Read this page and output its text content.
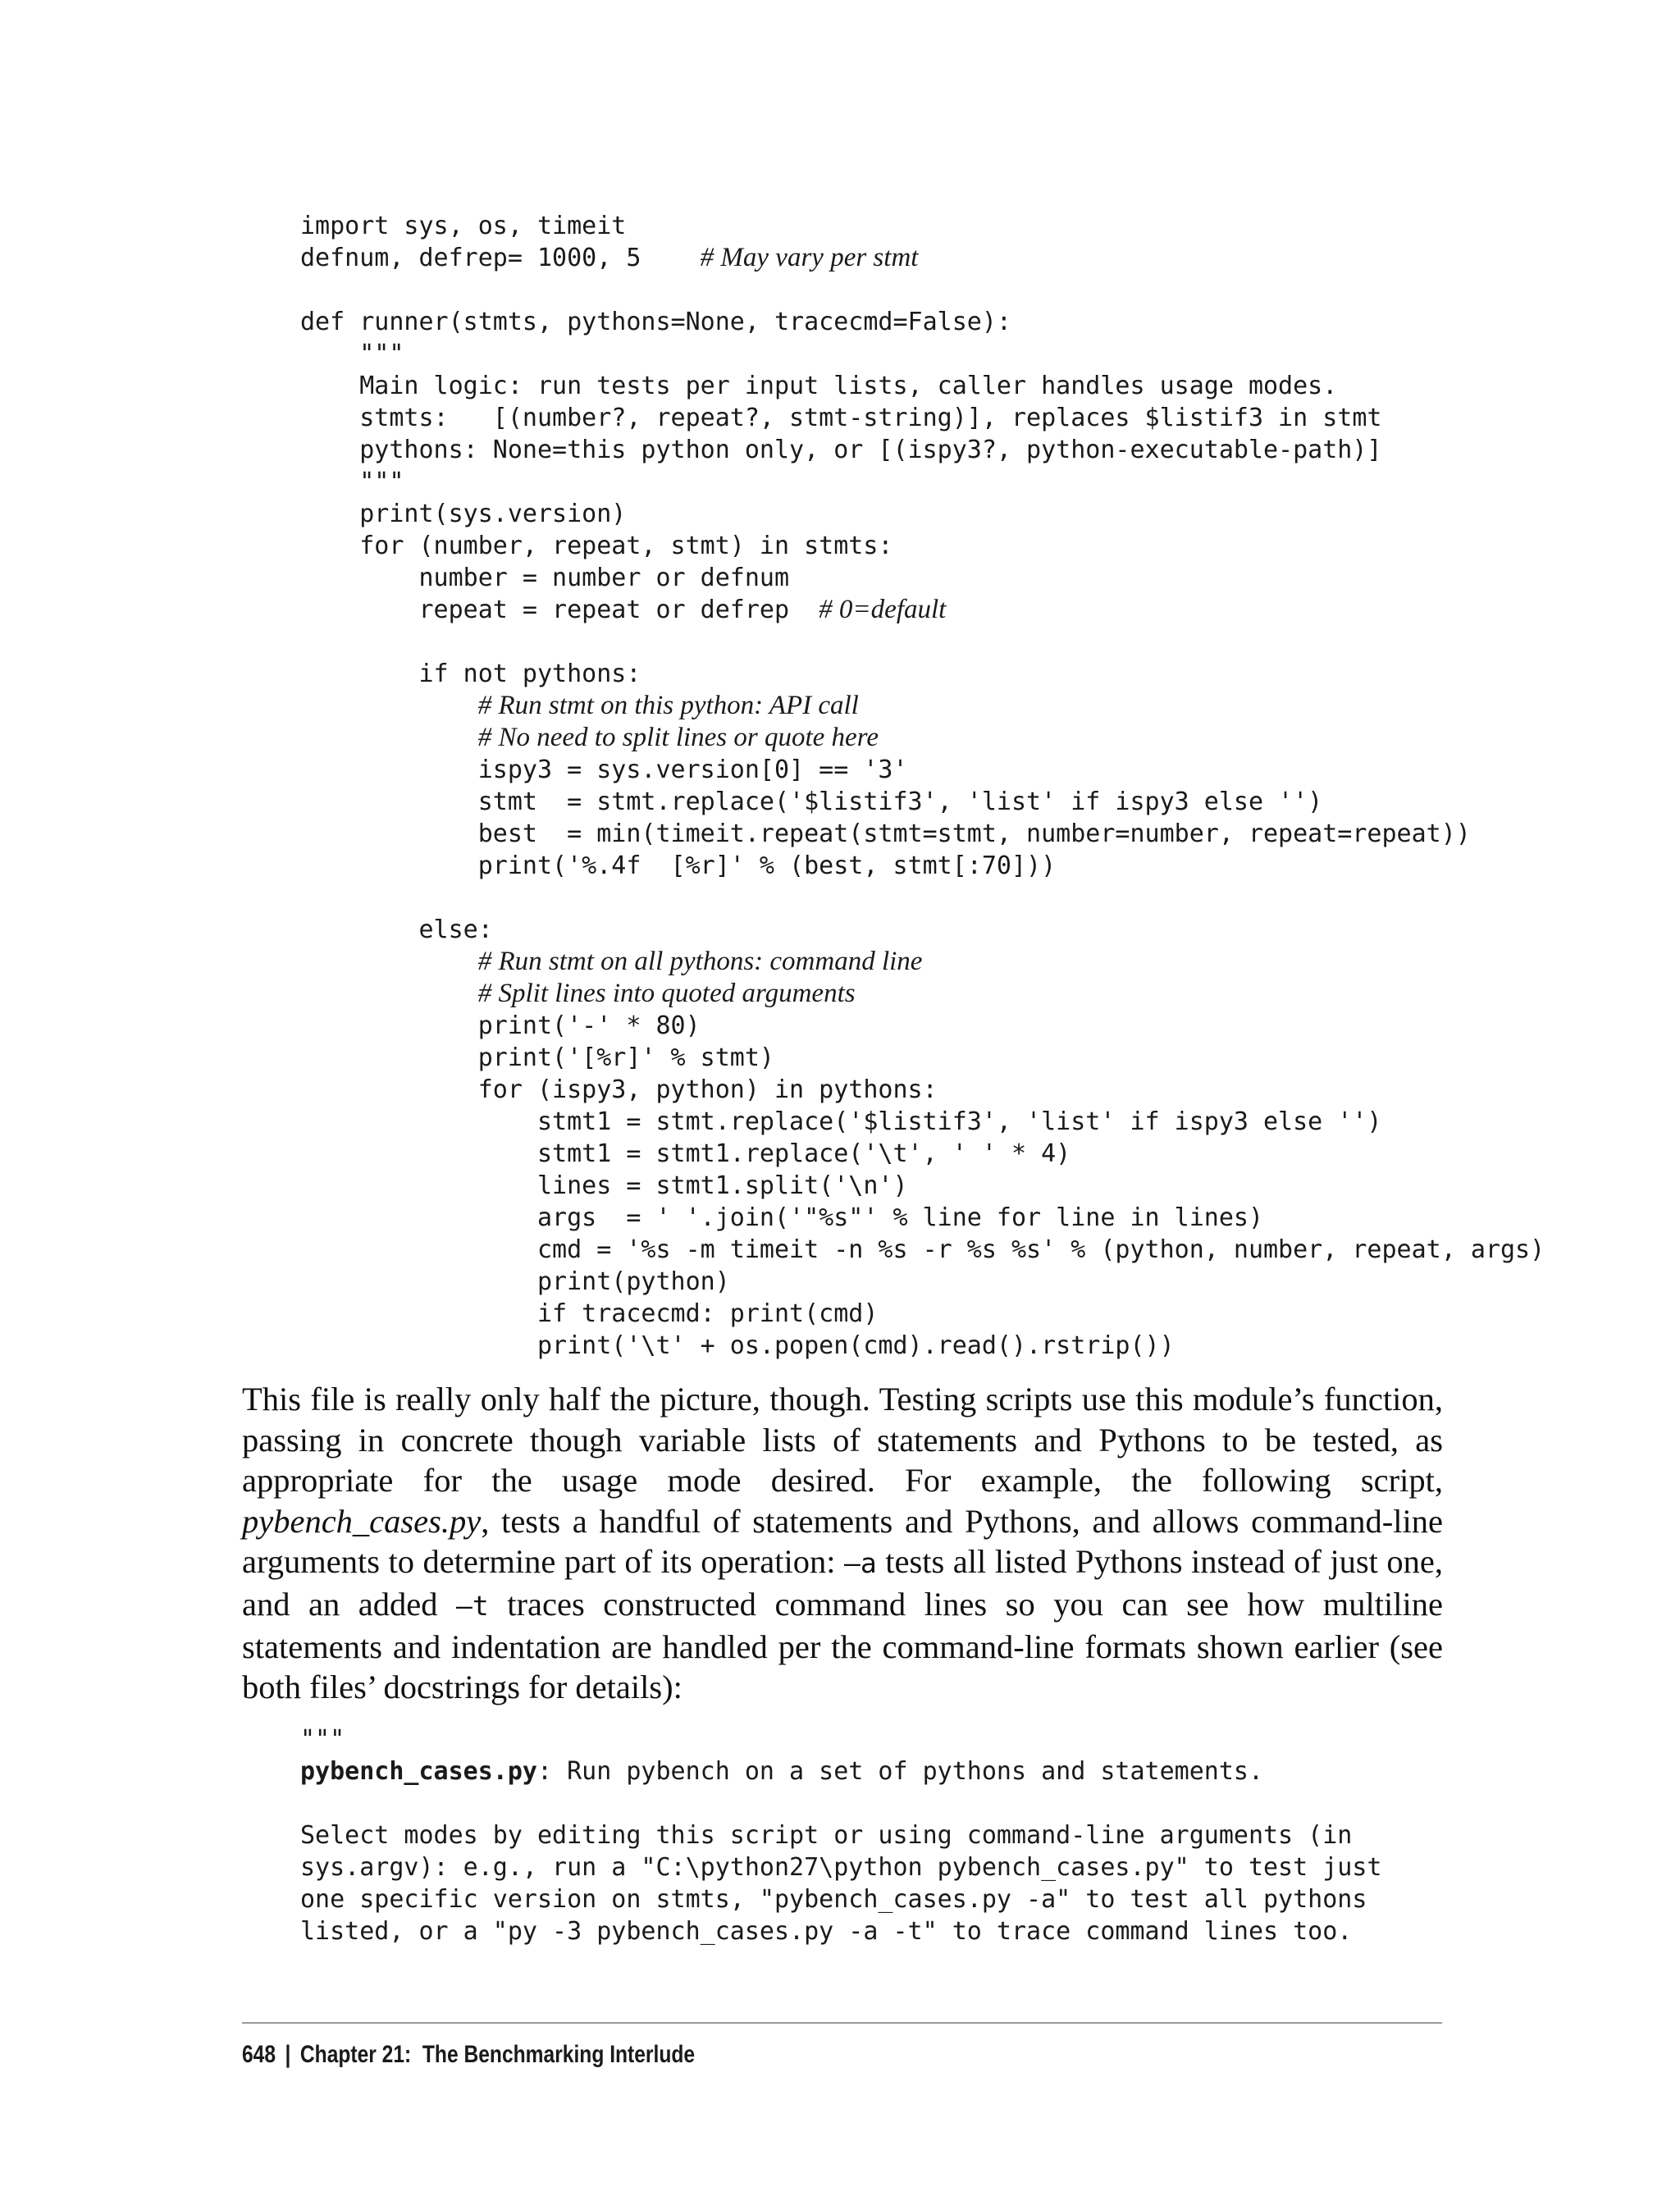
import sys, os, timeit
defnum, defrep= 1000, 5    # May vary per stmt

def runner(stmts, pythons=None, tracecmd=False):
"""
Main logic: run tests per input lists, caller handles usage modes.
stmts:   [(number?, repeat?, stmt-string)], replaces $listif3 in stmt
pythons: None=this python only, or [(ispy3?, python-executable-path)]
"""
print(sys.version)
for (number, repeat, stmt) in stmts:
number = number or defnum
repeat = repeat or defrep  # 0=default

if not pythons:
# Run stmt on this python: API call
# No need to split lines or quote here
ispy3 = sys.version[0] == '3'
stmt  = stmt.replace('$listif3', 'list' if ispy3 else '')
best  = min(timeit.repeat(stmt=stmt, number=number, repeat=repeat))
print('%.4f  [%r]' % (best, stmt[:70]))

else:
# Run stmt on all pythons: command line
# Split lines into quoted arguments
print('-' * 80)
print('[%r]' % stmt)
for (ispy3, python) in pythons:
stmt1 = stmt.replace('$listif3', 'list' if ispy3 else '')
stmt1 = stmt1.replace('\t', ' ' * 4)
lines = stmt1.split('\n')
args  = ' '.join('"%s"' % line for line in lines)
cmd = '%s -m timeit -n %s -r %s %s' % (python, number, repeat, args)
print(python)
if tracecmd: print(cmd)
print('\t' + os.popen(cmd).read().rstrip())

This file is really only half the picture, though. Testing scripts use this module’s function, passing in concrete though variable lists of statements and Pythons to be tested, as appropriate for the usage mode desired. For example, the following script, pybench_cases.py, tests a handful of statements and Pythons, and allows command-line arguments to determine part of its operation: –a tests all listed Pythons instead of just one, and an added –t traces constructed command lines so you can see how multiline statements and indentation are handled per the command-line formats shown earlier (see both files’ docstrings for details):

"""
pybench_cases.py: Run pybench on a set of pythons and statements.

Select modes by editing this script or using command-line arguments (in
sys.argv): e.g., run a "C:\python27\python pybench_cases.py" to test just
one specific version on stmts, "pybench_cases.py -a" to test all pythons
listed, or a "py -3 pybench_cases.py -a -t" to trace command lines too.
648 | Chapter 21:  The Benchmarking Interlude
